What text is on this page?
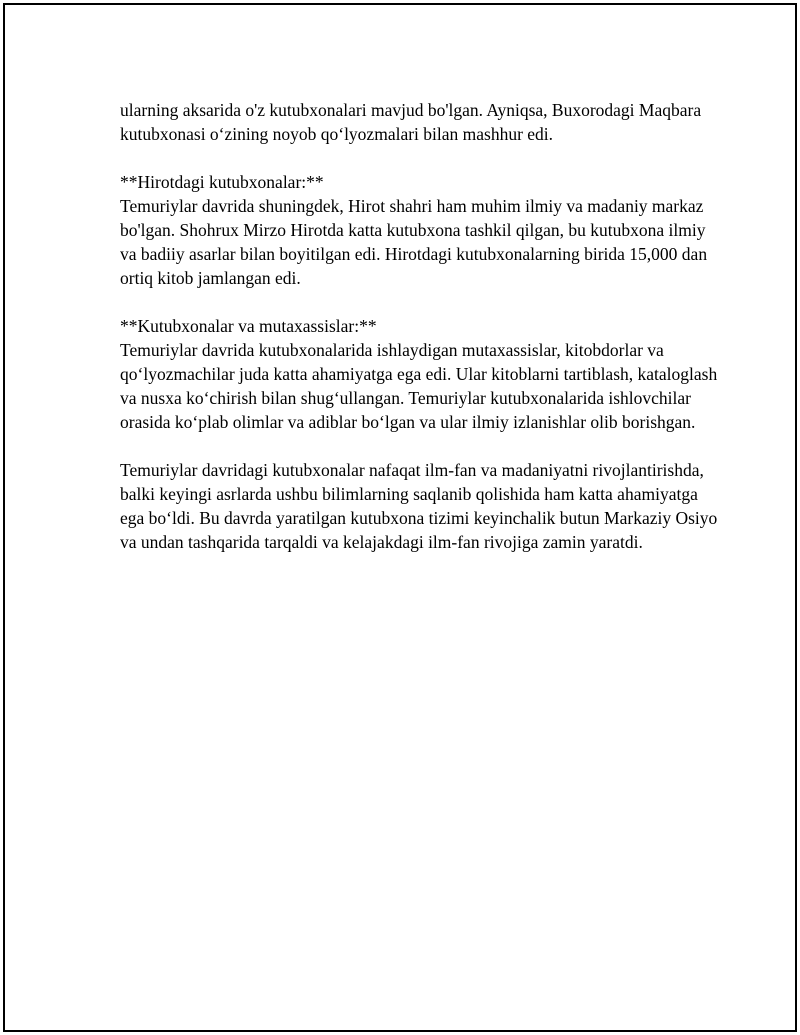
ularning aksarida o'z kutubxonalari mavjud bo'lgan. Ayniqsa, Buxorodagi Maqbara kutubxonasi o‘zining noyob qo‘lyozmalari bilan mashhur edi.

**Hirotdagi kutubxonalar:**
Temuriylar davrida shuningdek, Hirot shahri ham muhim ilmiy va madaniy markaz bo'lgan. Shohrux Mirzo Hirotda katta kutubxona tashkil qilgan, bu kutubxona ilmiy va badiiy asarlar bilan boyitilgan edi. Hirotdagi kutubxonalarning birida 15,000 dan ortiq kitob jamlangan edi.

**Kutubxonalar va mutaxassislar:**
Temuriylar davrida kutubxonalarida ishlaydigan mutaxassislar, kitobdorlar va qo‘lyozmachilar juda katta ahamiyatga ega edi. Ular kitoblarni tartiblash, kataloglash va nusxa ko‘chirish bilan shug‘ullangan. Temuriylar kutubxonalarida ishlovchilar orasida ko‘plab olimlar va adiblar bo‘lgan va ular ilmiy izlanishlar olib borishgan.

Temuriylar davridagi kutubxonalar nafaqat ilm-fan va madaniyatni rivojlantirishda, balki keyingi asrlarda ushbu bilimlarning saqlanib qolishida ham katta ahamiyatga ega bo‘ldi. Bu davrda yaratilgan kutubxona tizimi keyinchalik butun Markaziy Osiyo va undan tashqarida tarqaldi va kelajakdagi ilm-fan rivojiga zamin yaratdi.
